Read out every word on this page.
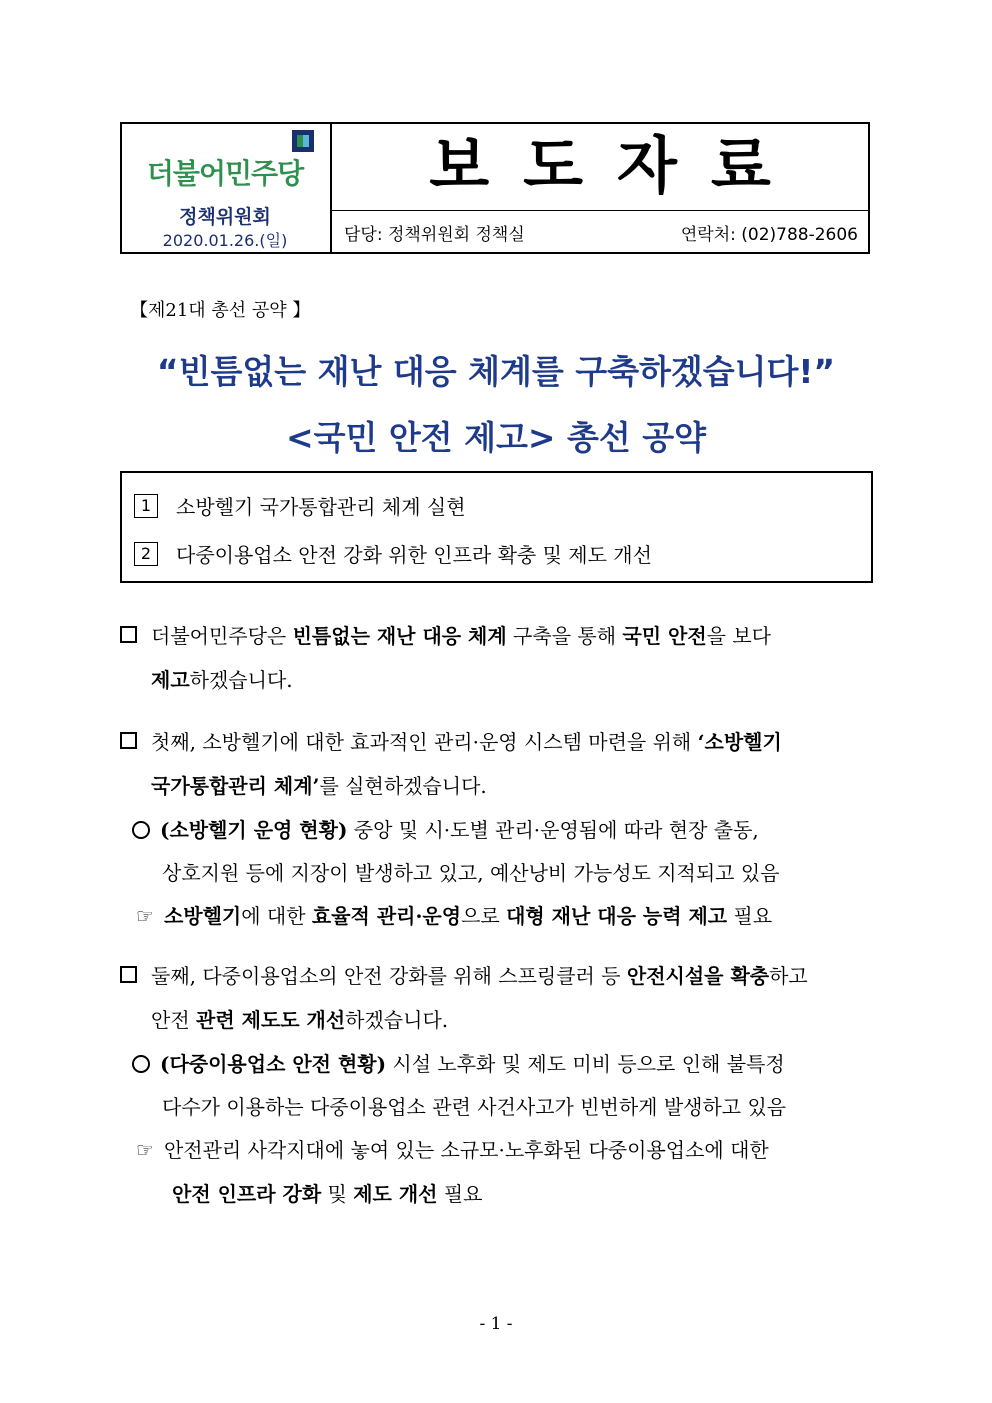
더불어민주당
정책위원회
2020.01.26.(일)
보도자료
담당: 정책위원회 정책실	연락처: (02)788-2606
【제21대 총선 공약 】
“빈틈없는 재난 대응 체계를 구축하겠습니다!”
<국민 안전 제고> 총선 공약
1	소방헬기 국가통합관리 체계 실현
2	다중이용업소 안전 강화 위한 인프라 확충 및 제도 개선
더불어민주당은 빈틈없는 재난 대응 체계 구축을 통해 국민 안전을 보다
제고하겠습니다.
첫째, 소방헬기에 대한 효과적인 관리·운영 시스템 마련을 위해 ‘소방헬기
국가통합관리 체계’를 실현하겠습니다.
(소방헬기 운영 현황) 중앙 및 시·도별 관리·운영됨에 따라 현장 출동,
상호지원 등에 지장이 발생하고 있고, 예산낭비 가능성도 지적되고 있음
☞ 소방헬기에 대한 효율적 관리·운영으로 대형 재난 대응 능력 제고 필요
둘째, 다중이용업소의 안전 강화를 위해 스프링클러 등 안전시설을 확충하고
안전 관련 제도도 개선하겠습니다.
(다중이용업소 안전 현황) 시설 노후화 및 제도 미비 등으로 인해 불특정
다수가 이용하는 다중이용업소 관련 사건사고가 빈번하게 발생하고 있음
☞ 안전관리 사각지대에 놓여 있는 소규모·노후화된 다중이용업소에 대한
안전 인프라 강화 및 제도 개선 필요
- 1 -
